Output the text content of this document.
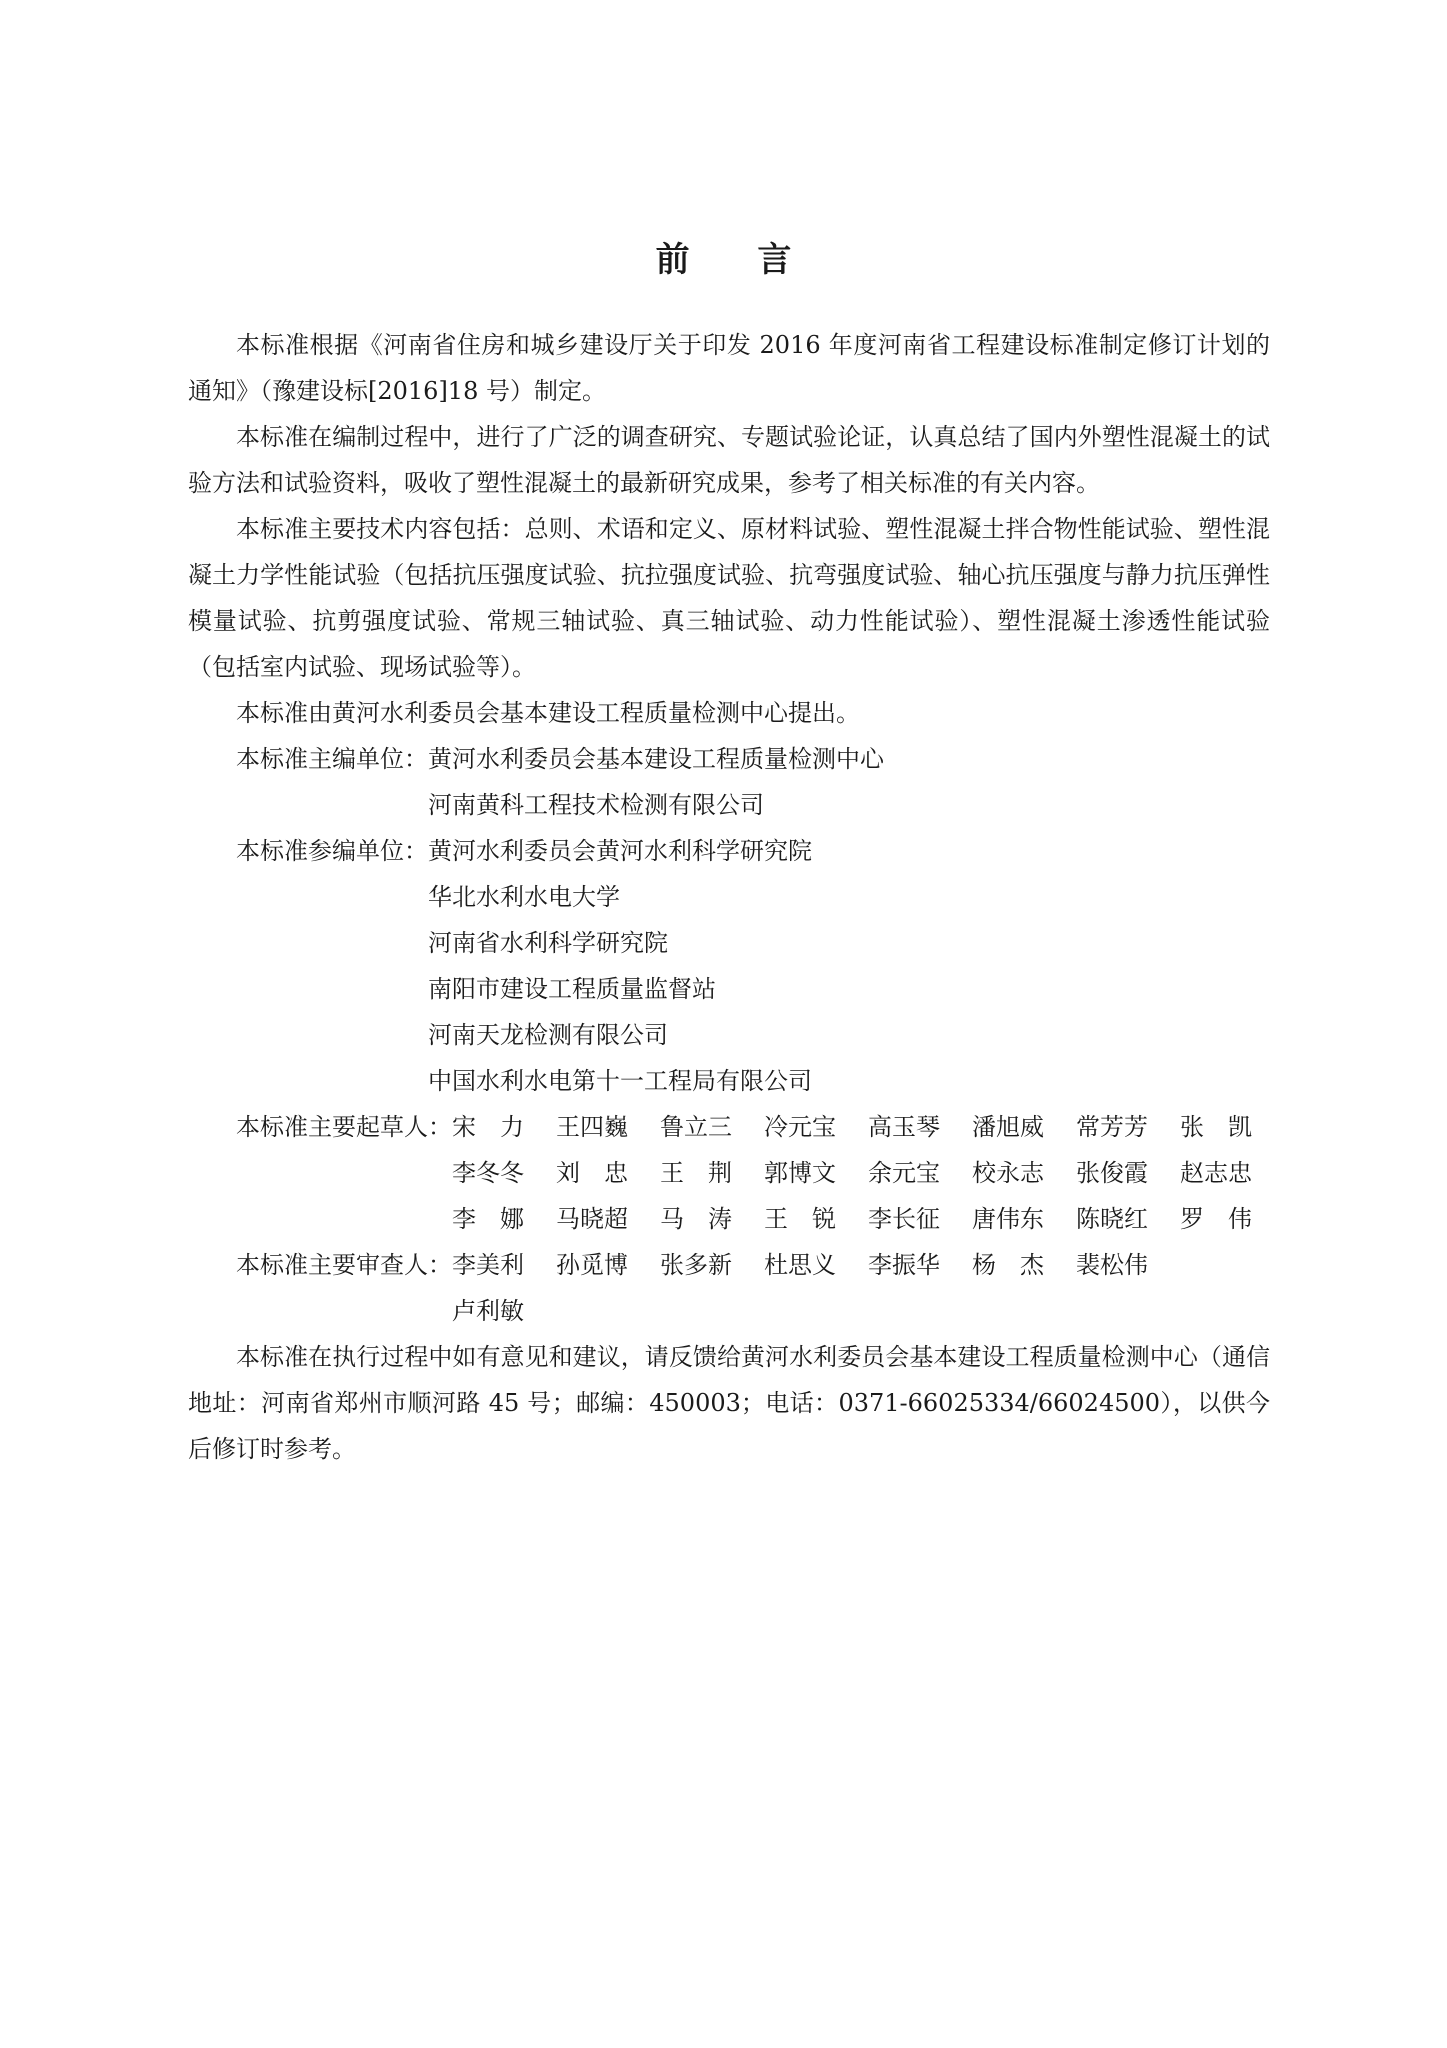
前 言

本标准根据《河南省住房和城乡建设厅关于印发 2016 年度河南省工程建设标准制定修订计划的通知》（豫建设标[2016]18 号）制定。

本标准在编制过程中，进行了广泛的调查研究、专题试验论证，认真总结了国内外塑性混凝土的试验方法和试验资料，吸收了塑性混凝土的最新研究成果，参考了相关标准的有关内容。

本标准主要技术内容包括：总则、术语和定义、原材料试验、塑性混凝土拌合物性能试验、塑性混凝土力学性能试验（包括抗压强度试验、抗拉强度试验、抗弯强度试验、轴心抗压强度与静力抗压弹性模量试验、抗剪强度试验、常规三轴试验、真三轴试验、动力性能试验）、塑性混凝土渗透性能试验（包括室内试验、现场试验等）。

本标准由黄河水利委员会基本建设工程质量检测中心提出。

本标准主编单位： 黄河水利委员会基本建设工程质量检测中心
河南黄科工程技术检测有限公司
本标准参编单位： 黄河水利委员会黄河水利科学研究院
华北水利水电大学
河南省水利科学研究院
南阳市建设工程质量监督站
河南天龙检测有限公司
中国水利水电第十一工程局有限公司
本标准主要起草人： 宋　力	王四巍	鲁立三	冷元宝	高玉琴	潘旭威	常芳芳	张　凯
李冬冬	刘　忠	王　荆	郭博文	余元宝	校永志	张俊霞	赵志忠
李　娜	马晓超	马　涛	王　锐	李长征	唐伟东	陈晓红	罗　伟
本标准主要审查人： 李美利	孙觅博	张多新	杜思义	李振华	杨　杰	裴松伟
卢利敏

本标准在执行过程中如有意见和建议，请反馈给黄河水利委员会基本建设工程质量检测中心（通信地址：河南省郑州市顺河路 45 号；邮编：450003；电话：0371-66025334/66024500），以供今后修订时参考。
